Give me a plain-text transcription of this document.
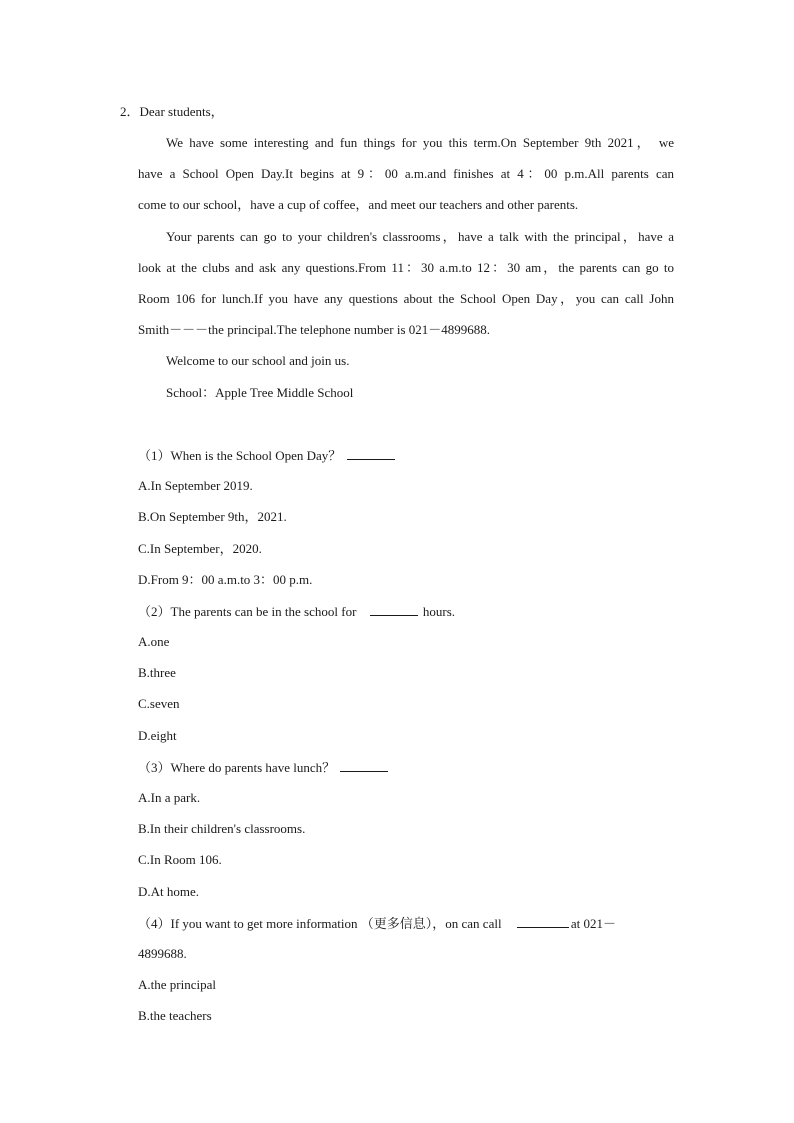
2．Dear students，
We have some interesting and fun things for you this term.On September 9th 2021， we
have a School Open Day.It begins at 9：00 a.m.and finishes at 4：00 p.m.All parents can
come to our school，have a cup of coffee，and meet our teachers and other parents.
Your parents can go to your children's classrooms，have a talk with the principal，have a
look at the clubs and ask any questions.From 11：30 a.m.to 12：30 am，the parents can go to
Room 106 for lunch.If you have any questions about the School Open Day，you can call John
Smith－－－the principal.The telephone number is 021－4899688.
Welcome to our school and join us.
School：Apple Tree Middle School
（1）When is the School Open Day？
A.In September 2019.
B.On September 9th，2021.
C.In September，2020.
D.From 9：00 a.m.to 3：00 p.m.
（2）The parents can be in the school for	hours.
A.one
B.three
C.seven
D.eight
（3）Where do parents have lunch？
A.In a park.
B.In their children's classrooms.
C.In Room 106.
D.At home.
（4）If you want to get more information （更多信息），on can call	at 021－
4899688.
A.the principal
B.the teachers
